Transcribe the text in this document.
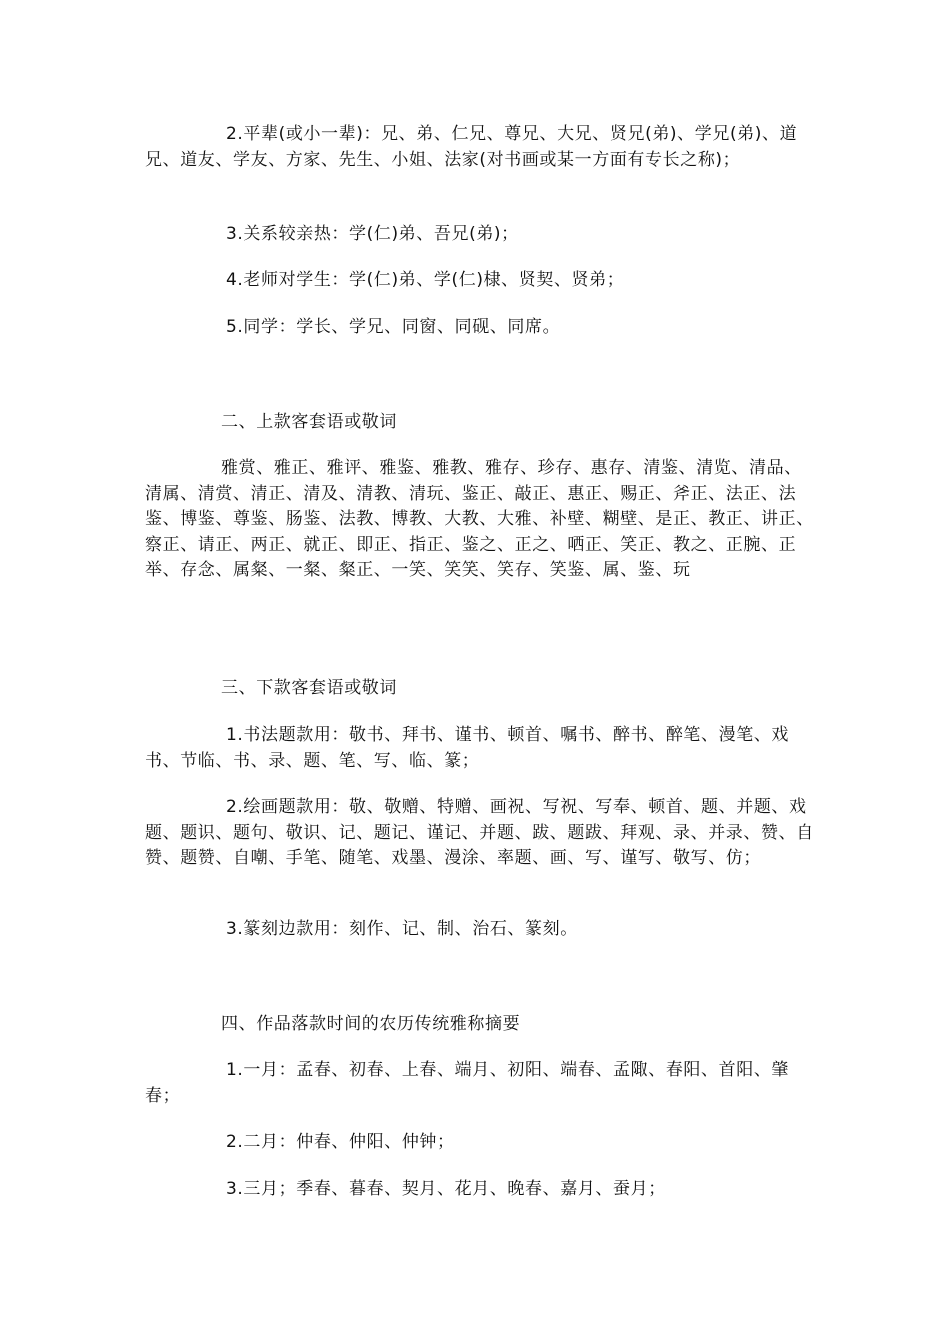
2.平辈(或小一辈)：兄、弟、仁兄、尊兄、大兄、贤兄(弟)、学兄(弟)、道兄、道友、学友、方家、先生、小姐、法家(对书画或某一方面有专长之称)；

3.关系较亲热：学(仁)弟、吾兄(弟)；

4.老师对学生：学(仁)弟、学(仁)棣、贤契、贤弟；

5.同学：学长、学兄、同窗、同砚、同席。

二、上款客套语或敬词

雅赏、雅正、雅评、雅鉴、雅教、雅存、珍存、惠存、清鉴、清览、清品、清属、清赏、清正、清及、清教、清玩、鉴正、敲正、惠正、赐正、斧正、法正、法鉴、博鉴、尊鉴、肠鉴、法教、博教、大教、大雅、补壁、糊壁、是正、教正、讲正、察正、请正、两正、就正、即正、指正、鉴之、正之、哂正、笑正、教之、正腕、正举、存念、属粲、一粲、粲正、一笑、笑笑、笑存、笑鉴、属、鉴、玩

三、下款客套语或敬词

1.书法题款用：敬书、拜书、谨书、顿首、嘱书、醉书、醉笔、漫笔、戏书、节临、书、录、题、笔、写、临、篆；

2.绘画题款用：敬、敬赠、特赠、画祝、写祝、写奉、顿首、题、并题、戏题、题识、题句、敬识、记、题记、谨记、并题、跋、题跋、拜观、录、并录、赞、自赞、题赞、自嘲、手笔、随笔、戏墨、漫涂、率题、画、写、谨写、敬写、仿；

3.篆刻边款用：刻作、记、制、治石、篆刻。

四、作品落款时间的农历传统雅称摘要

1.一月：孟春、初春、上春、端月、初阳、端春、孟陬、春阳、首阳、肇春；

2.二月：仲春、仲阳、仲钟；

3.三月；季春、暮春、契月、花月、晚春、嘉月、蚕月；
